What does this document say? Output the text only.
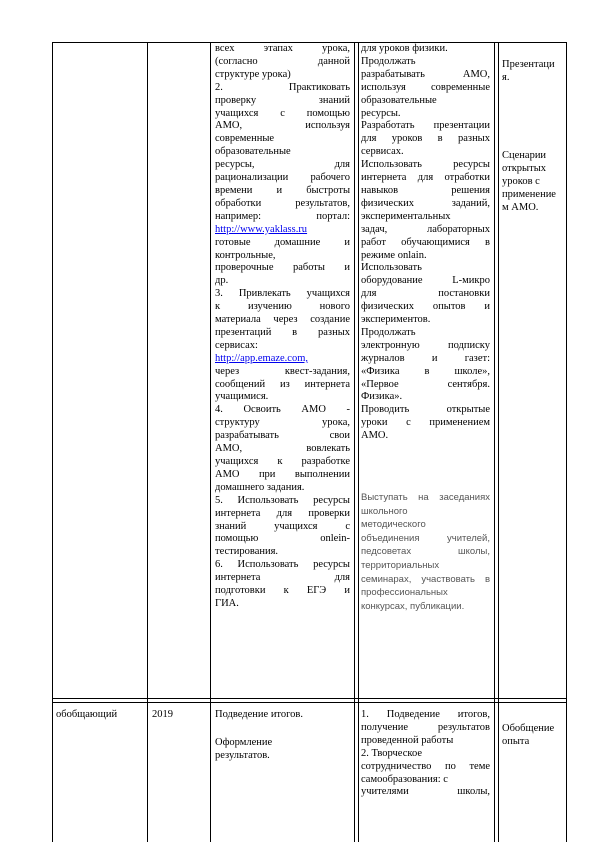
всех этапах урока,

(согласно данной

структуре урока)

2. Практиковать

проверку знаний

учащихся с помощью

АМО, используя

современные

образовательные

ресурсы, для

рационализации рабочего

времени и быстроты

обработки результатов,

например: портал:

http://www.yaklass.ru

готовые домашние и

контрольные,

проверочные работы и

др.

3. Привлекать учащихся

к изучению нового

материала через создание

презентаций в разных

сервисах:

http://app.emaze.com,

через квест-задания,

сообщений из интернета

учащимися.

4. Освоить АМО -

структуру урока,

разрабатывать свои

АМО, вовлекать

учащихся к разработке

АМО при выполнении

домашнего задания.

5. Использовать ресурсы

интернета для проверки

знаний учащихся с

помощью onlein-

тестирования.

6. Использовать ресурсы

интернета для

подготовки к ЕГЭ и

ГИА.

для уроков физики.

Продолжать

разрабатывать АМО,

используя современные

образовательные

ресурсы.

Разработать презентации

для уроков в разных

сервисах.

Использовать ресурсы

интернета для отработки

навыков решения

физических заданий,

экспериментальных

задач, лабораторных

работ обучающимися в

режиме onlain.

Использовать

оборудование L-микро

для постановки

физических опытов и

экспериментов.

Продолжать

электронную подписку

журналов и газет:

«Физика в школе»,

«Первое сентября.

Физика».

Проводить открытые

уроки с применением

АМО.

Выступать на заседаниях

школьного

методического

объединения учителей,

педсоветах школы,

территориальных

семинарах, участвовать в

профессиональных

конкурсах, публикации.

Презентаци

я.

Сценарии

открытых

уроков с

применение

м АМО.

обобщающий	2019	Подведение итогов.

Оформление

результатов.

1. Подведение итогов,

получение результатов

проведенной работы

2. Творческое

сотрудничество по теме

самообразования: с

учителями школы,

Обобщение

опыта
